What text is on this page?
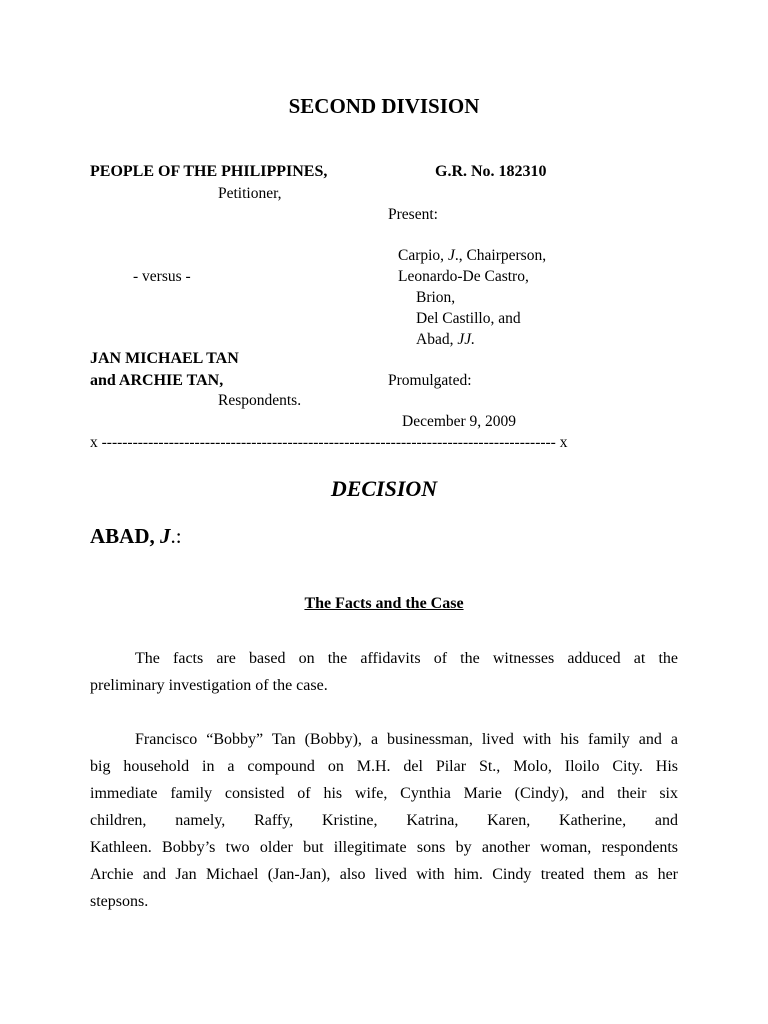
SECOND DIVISION
PEOPLE OF THE PHILIPPINES,	G.R. No. 182310
Petitioner,
Present:
Carpio, J., Chairperson,
- versus -	Leonardo-De Castro,
Brion,
Del Castillo, and
Abad, JJ.
JAN MICHAEL TAN
and ARCHIE TAN,	Promulgated:
Respondents.
December 9, 2009
x ---------------------------------------------------------------------------------------- x
DECISION
ABAD, J.:
The Facts and the Case
The facts are based on the affidavits of the witnesses adduced at the
preliminary investigation of the case.
Francisco “Bobby” Tan (Bobby), a businessman, lived with his family and a
big household in a compound on M.H. del Pilar St., Molo, Iloilo City. His
immediate family consisted of his wife, Cynthia Marie (Cindy), and their six
children, namely, Raffy, Kristine, Katrina, Karen, Katherine, and
Kathleen. Bobby’s two older but illegitimate sons by another woman, respondents
Archie and Jan Michael (Jan-Jan), also lived with him. Cindy treated them as her
stepsons.
